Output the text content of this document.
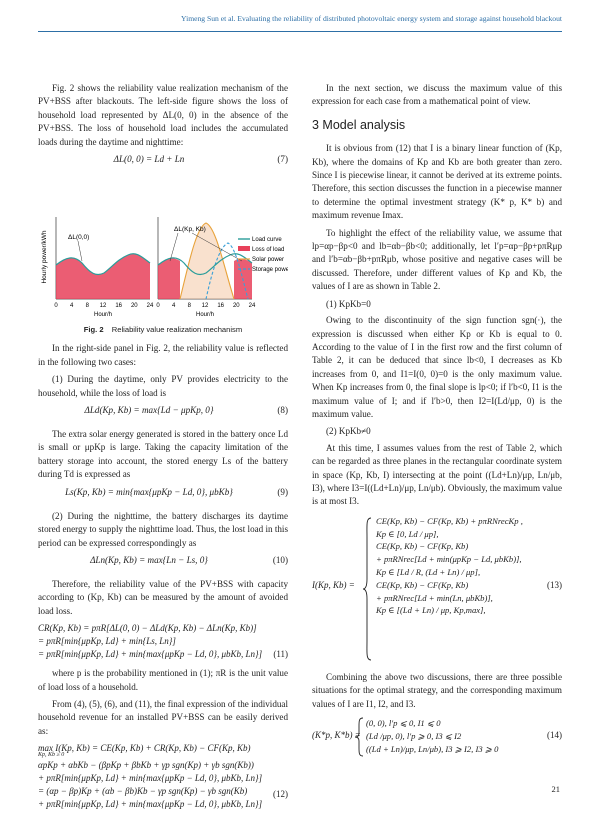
Yimeng Sun et al. Evaluating the reliability of distributed photovoltaic energy system and storage against household blackout

Fig. 2 shows the reliability value realization mechanism of the PV+BSS after blackouts. The left-side figure shows the loss of household load represented by ΔL(0, 0) in the absence of the PV+BSS. The loss of household load includes the accumulated loads during the daytime and nighttime:

ΔL(0, 0) = Ld + Ln	(7)
Hourly power/kWh	ΔL(0,0)
0 4 8 12 16 20 24
Hour/h
ΔL(Kp, Kb)
0 4 8 12 16 20 24
Hour/h
Load curve
Loss of load
Solar power
Storage power
Fig. 2 Reliability value realization mechanism

In the right-side panel in Fig. 2, the reliability value is reflected in the following two cases:

(1) During the daytime, only PV provides electricity to the household, while the loss of load is

ΔLd(Kp, Kb) = max{Ld − μpKp, 0}	(8)

The extra solar energy generated is stored in the battery once Ld is small or μpKp is large. Taking the capacity limitation of the battery storage into account, the stored energy Ls of the battery during Td is expressed as

Ls(Kp, Kb) = min{max{μpKp − Ld, 0}, μbKb}	(9)

(2) During the nighttime, the battery discharges its daytime stored energy to supply the nighttime load. Thus, the lost load in this period can be expressed correspondingly as

ΔLn(Kp, Kb) = max{Ln − Ls, 0}	(10)

Therefore, the reliability value of the PV+BSS with capacity according to (Kp, Kb) can be measured by the amount of avoided load loss.

CR(Kp, Kb) = pπR[ΔL(0, 0) − ΔLd(Kp, Kb) − ΔLn(Kp, Kb)]
= pπR[min{μpKp, Ld} + min{Ls, Ln}]
= pπR[min{μpKp, Ld} + min{max{μpKp − Ld, 0}, μbKb, Ln}]	(11)

where p is the probability mentioned in (1); πR is the unit value of load loss of a household.

From (4), (5), (6), and (11), the final expression of the individual household revenue for an installed PV+BSS can be easily derived as:

max I(Kp, Kb) = CE(Kp, Kb) + CR(Kp, Kb) − CF(Kp, Kb)
Kp, Kb ≥ 0
αpKp + αbKb − (βpKp + βbKb + γp sgn(Kp) + γb sgn(Kb))
+ pπR[min{μpKp, Ld} + min{max{μpKp − Ld, 0}, μbKb, Ln}]
= (αp − βp)Kp + (αb − βb)Kb − γp sgn(Kp) − γb sgn(Kb)
+ pπR[min{μpKp, Ld} + min{max{μpKp − Ld, 0}, μbKb, Ln}]
(12)

In the next section, we discuss the maximum value of this expression for each case from a mathematical point of view.

3 Model analysis

It is obvious from (12) that I is a binary linear function of (Kp, Kb), where the domains of Kp and Kb are both greater than zero. Since I is piecewise linear, it cannot be derived at its extreme points. Therefore, this section discusses the function in a piecewise manner to determine the optimal investment strategy (K* p, K* b) and maximum revenue Imax.

To highlight the effect of the reliability value, we assume that lp=αp−βp<0 and lb=αb−βb<0; additionally, let l′p=αp−βp+pπRμp and l′b=αb−βb+pπRμb, whose positive and negative cases will be discussed. Therefore, under different values of Kp and Kb, the values of I are as shown in Table 2.

(1) KpKb=0

Owing to the discontinuity of the sign function sgn(·), the expression is discussed when either Kp or Kb is equal to 0. According to the value of I in the first row and the first column of Table 2, it can be deduced that since lb<0, I decreases as Kb increases from 0, and I1=I(0, 0)=0 is the only maximum value. When Kp increases from 0, the final slope is lp<0; if l′b<0, I1 is the maximum value of I; and if l′b>0, then I2=I(Ld/μp, 0) is the maximum value.

(2) KpKb≠0

At this time, I assumes values from the rest of Table 2, which can be regarded as three planes in the rectangular coordinate system in space (Kp, Kb, I) intersecting at the point ((Ld+Ln)/μp, Ln/μb, I3), where I3=I((Ld+Ln)/μp, Ln/μb). Obviously, the maximum value is at most I3.

I(Kp, Kb) =
CE(Kp, Kb) − CF(Kp, Kb) + pπRNrecKp ,
Kp ∈ [0, Ld / μp],
CE(Kp, Kb) − CF(Kp, Kb)
+ pπRNrec[Ld + min(μpKp − Ld, μbKb)],
Kp ∈ [Ld / R, (Ld + Ln) / μp],
CE(Kp, Kb) − CF(Kp, Kb)
+ pπRNrec[Ld + min(Ln, μbKb)],
Kp ∈ [(Ld + Ln) / μp, Kp,max],
(13)

Combining the above two discussions, there are three possible situations for the optimal strategy, and the corresponding maximum values of I are I1, I2, and I3.

(K*p, K*b) =
(0, 0), l′p ⩽ 0, I1 ⩽ 0
(Ld /μp, 0), l′p ⩾ 0, I3 ⩽ I2
((Ld + Ln)/μp, Ln/μb), I3 ⩾ I2, I3 ⩾ 0
(14)
21
